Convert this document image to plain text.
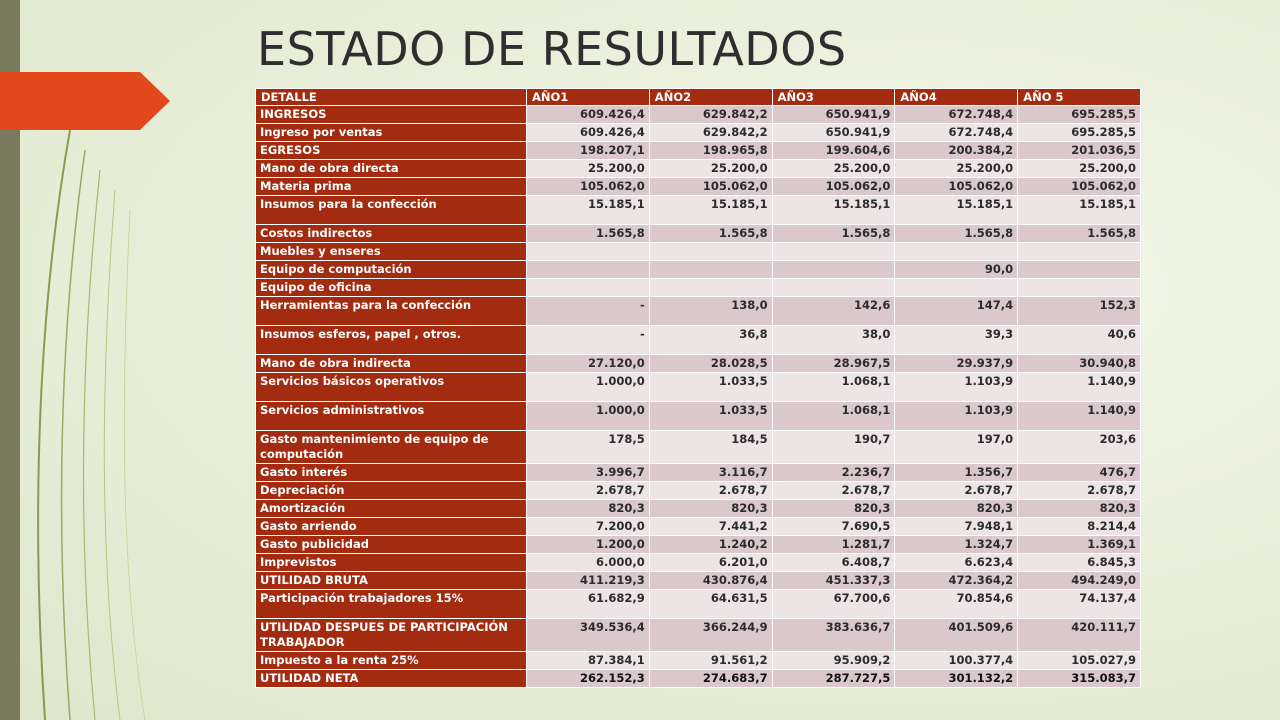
ESTADO DE RESULTADOS
DETALLE	AÑO1	AÑO2	AÑO3	AÑO4	AÑO 5
INGRESOS	609.426,4	629.842,2	650.941,9	672.748,4	695.285,5
Ingreso por ventas	609.426,4	629.842,2	650.941,9	672.748,4	695.285,5
EGRESOS	198.207,1	198.965,8	199.604,6	200.384,2	201.036,5
Mano de obra directa	25.200,0	25.200,0	25.200,0	25.200,0	25.200,0
Materia prima	105.062,0	105.062,0	105.062,0	105.062,0	105.062,0
Insumos para la confección	15.185,1	15.185,1	15.185,1	15.185,1	15.185,1
Costos indirectos	1.565,8	1.565,8	1.565,8	1.565,8	1.565,8
Muebles y enseres					
Equipo de computación				90,0	
Equipo de oficina					
Herramientas para la confección	-	138,0	142,6	147,4	152,3
Insumos esferos, papel , otros.	-	36,8	38,0	39,3	40,6
Mano de obra indirecta	27.120,0	28.028,5	28.967,5	29.937,9	30.940,8
Servicios básicos operativos	1.000,0	1.033,5	1.068,1	1.103,9	1.140,9
Servicios administrativos	1.000,0	1.033,5	1.068,1	1.103,9	1.140,9
Gasto mantenimiento de equipo de computación	178,5	184,5	190,7	197,0	203,6
Gasto interés	3.996,7	3.116,7	2.236,7	1.356,7	476,7
Depreciación	2.678,7	2.678,7	2.678,7	2.678,7	2.678,7
Amortización	820,3	820,3	820,3	820,3	820,3
Gasto arriendo	7.200,0	7.441,2	7.690,5	7.948,1	8.214,4
Gasto publicidad	1.200,0	1.240,2	1.281,7	1.324,7	1.369,1
Imprevistos	6.000,0	6.201,0	6.408,7	6.623,4	6.845,3
UTILIDAD BRUTA	411.219,3	430.876,4	451.337,3	472.364,2	494.249,0
Participación trabajadores 15%	61.682,9	64.631,5	67.700,6	70.854,6	74.137,4
UTILIDAD DESPUES DE PARTICIPACIÓN TRABAJADOR	349.536,4	366.244,9	383.636,7	401.509,6	420.111,7
Impuesto a la renta 25%	87.384,1	91.561,2	95.909,2	100.377,4	105.027,9
UTILIDAD NETA	262.152,3	274.683,7	287.727,5	301.132,2	315.083,7
